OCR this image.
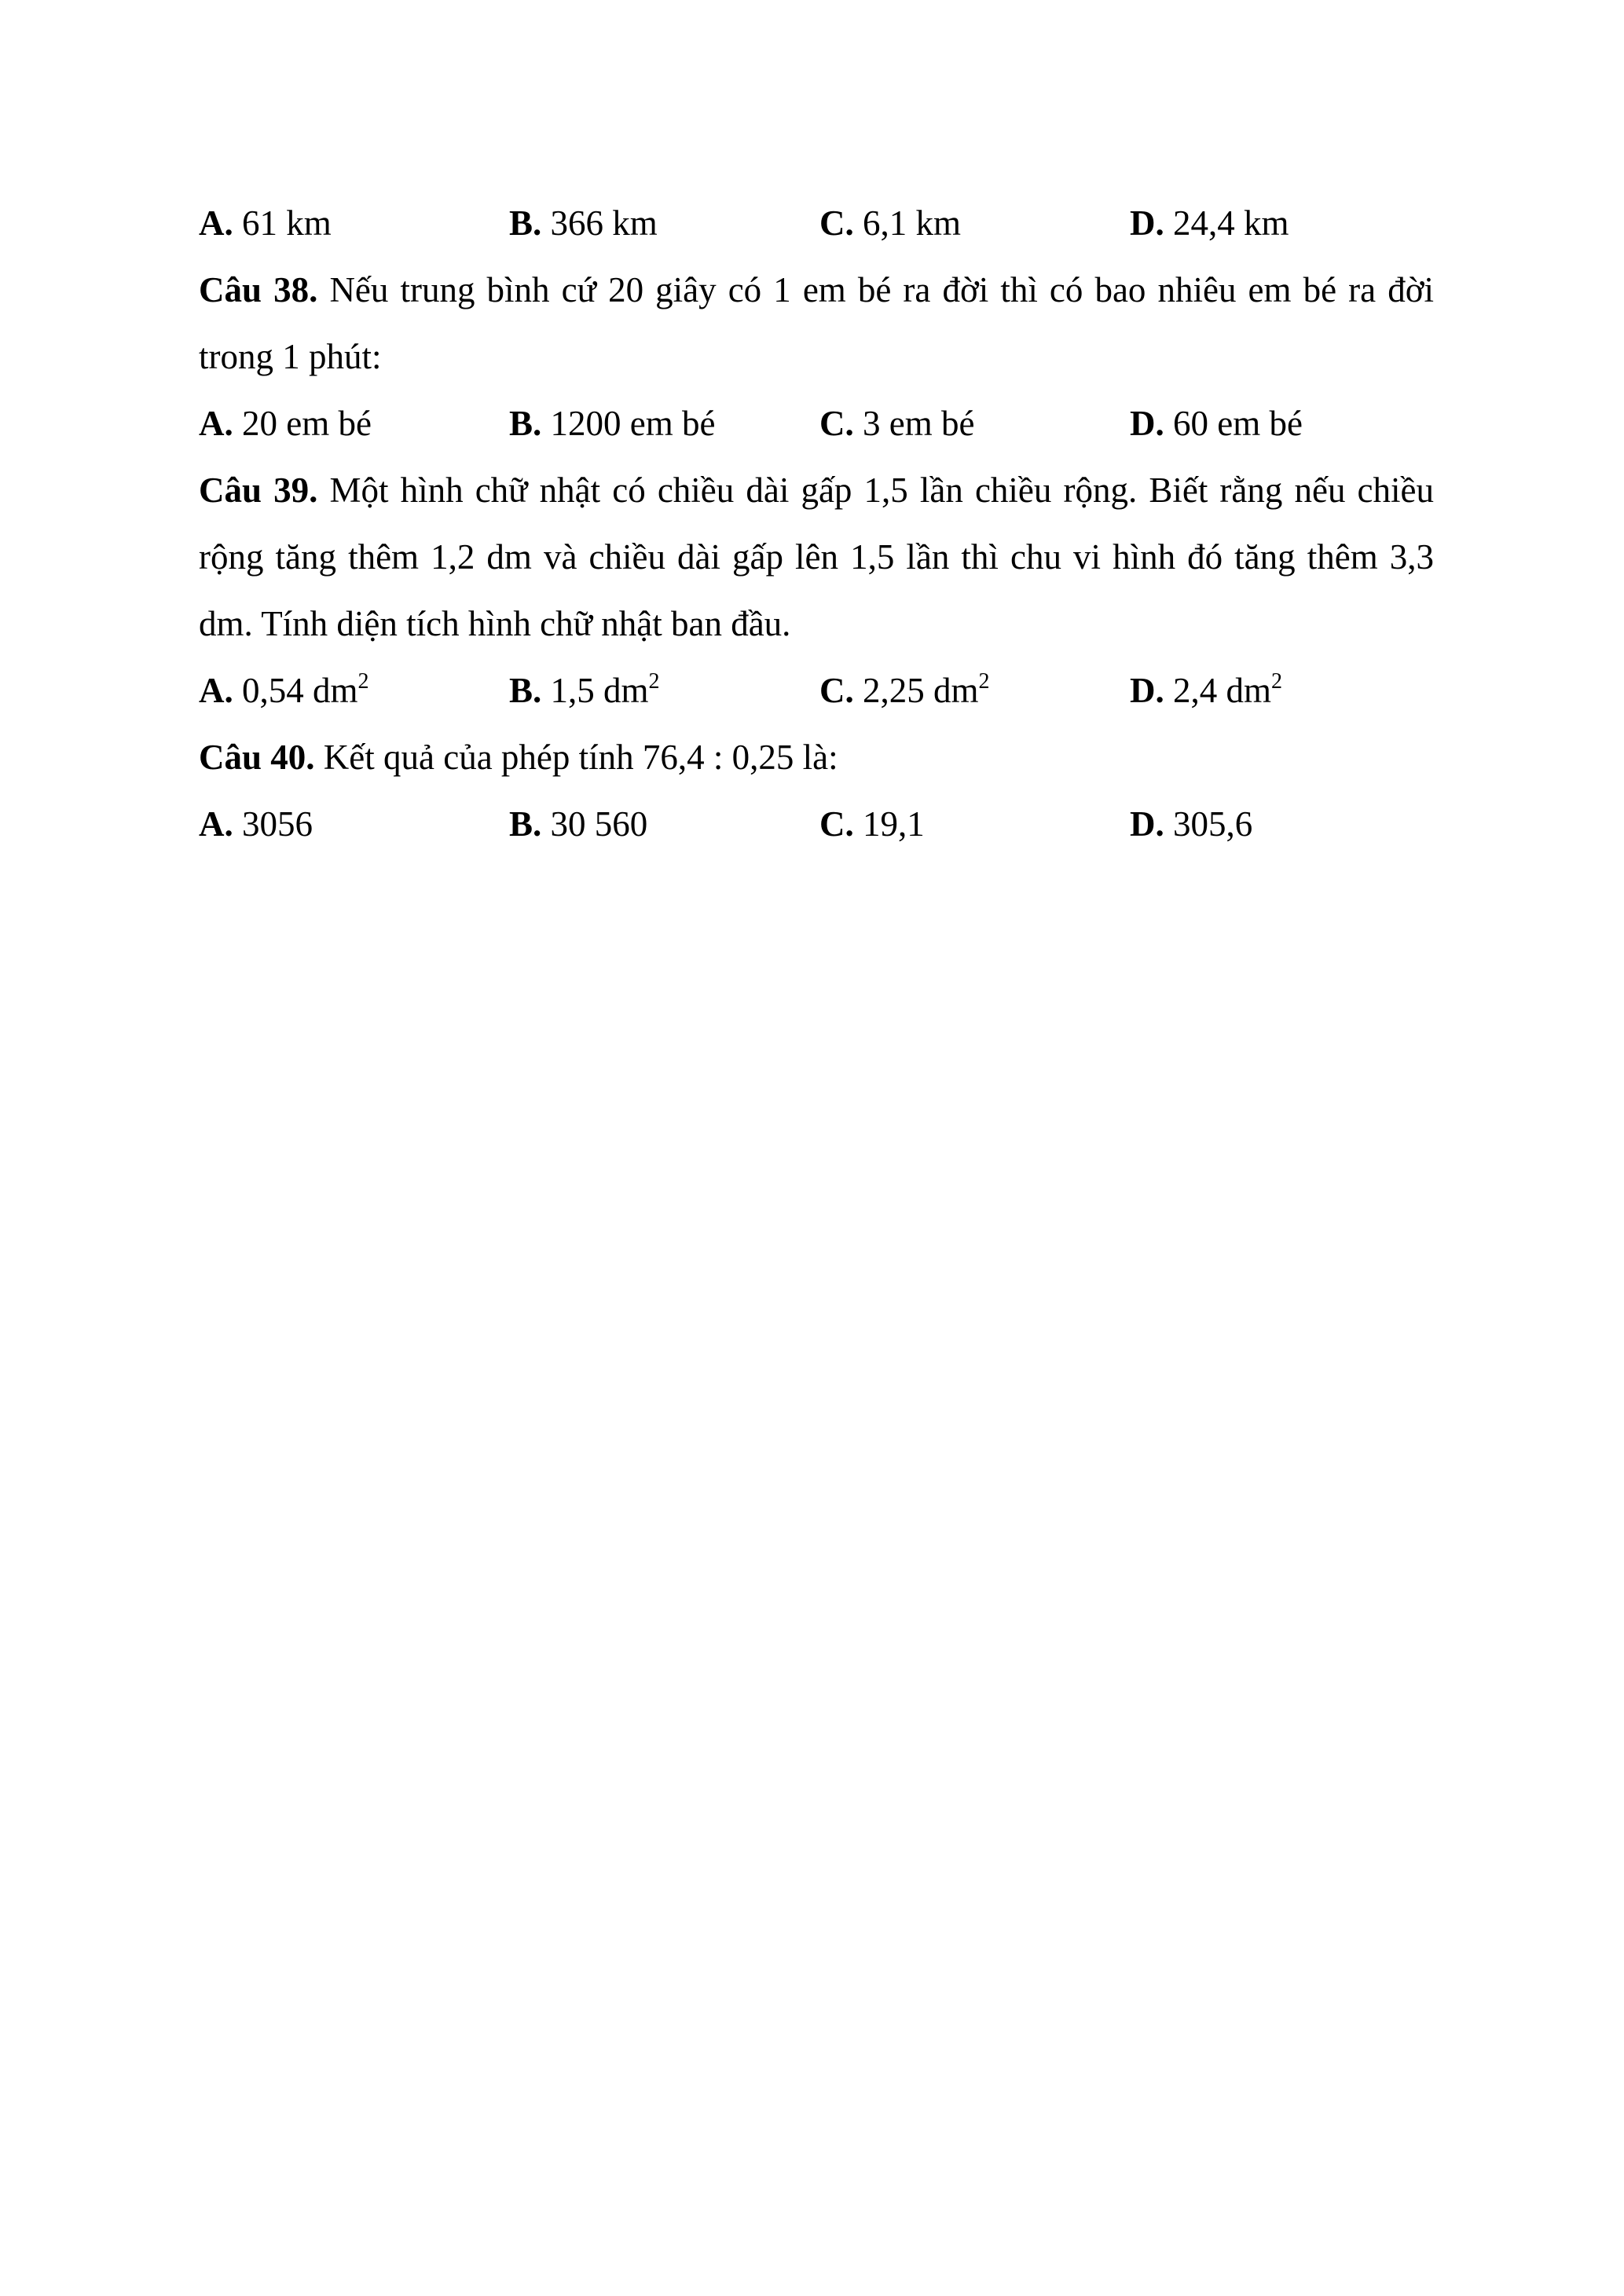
A. 61 km	B. 366 km	C. 6,1 km	D. 24,4 km
Câu 38. Nếu trung bình cứ 20 giây có 1 em bé ra đời thì có bao nhiêu em bé ra đời trong 1 phút:
A. 20 em bé	B. 1200 em bé	C. 3 em bé	D. 60 em bé
Câu 39. Một hình chữ nhật có chiều dài gấp 1,5 lần chiều rộng. Biết rằng nếu chiều rộng tăng thêm 1,2 dm và chiều dài gấp lên 1,5 lần thì chu vi hình đó tăng thêm 3,3 dm. Tính diện tích hình chữ nhật ban đầu.
A. 0,54 $dm^2$	B. 1,5 $dm^2$	C. 2,25 $dm^2$	D. 2,4 $dm^2$
Câu 40. Kết quả của phép tính 76,4 : 0,25 là:
A. 3056	B. 30 560	C. 19,1	D. 305,6
